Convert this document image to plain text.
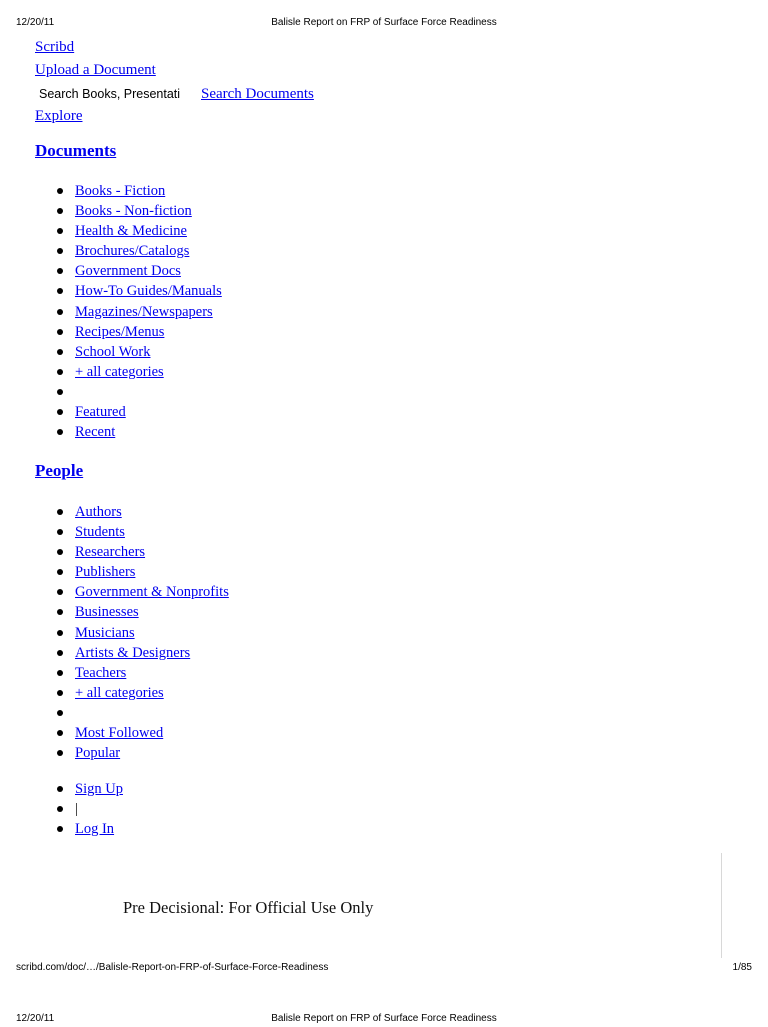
12/20/11	Balisle Report on FRP of Surface Force Readiness
Scribd
Upload a Document
Search Books, Presentati
Search Documents
Explore
Documents
Books - Fiction
Books - Non-fiction
Health & Medicine
Brochures/Catalogs
Government Docs
How-To Guides/Manuals
Magazines/Newspapers
Recipes/Menus
School Work
+ all categories
Featured
Recent
People
Authors
Students
Researchers
Publishers
Government & Nonprofits
Businesses
Musicians
Artists & Designers
Teachers
+ all categories
Most Followed
Popular
Sign Up
|
Log In
Pre Decisional: For Official Use Only
scribd.com/doc/…/Balisle-Report-on-FRP-of-Surface-Force-Readiness	1/85
12/20/11	Balisle Report on FRP of Surface Force Readiness
